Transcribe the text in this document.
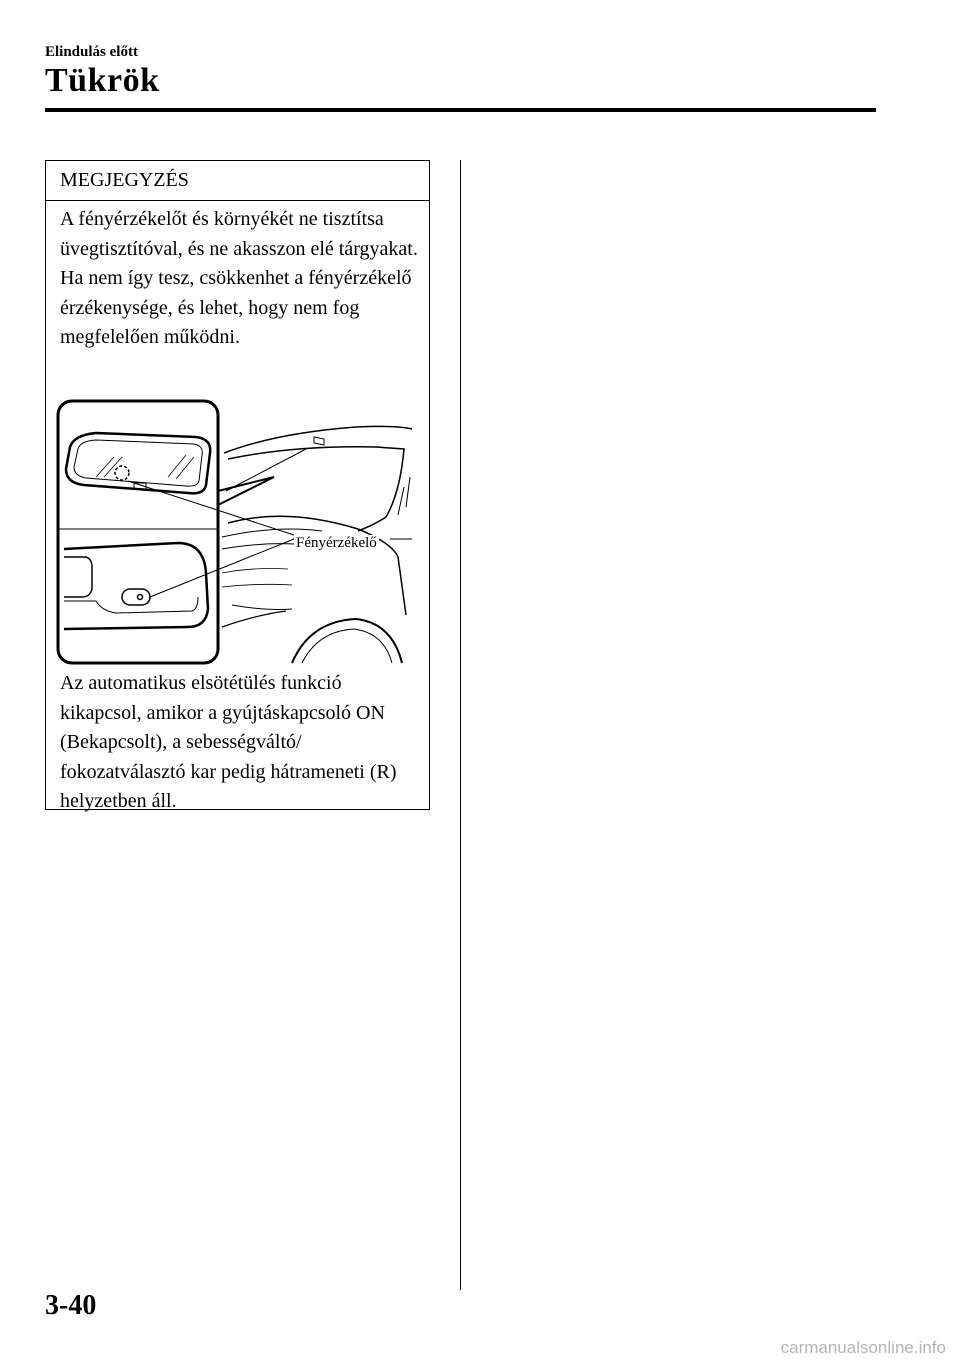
Elindulás előtt
Tükrök
MEGJEGYZÉS

A fényérzékelőt és környékét ne tisztítsa üvegtisztítóval, és ne akasszon elé tárgyakat. Ha nem így tesz, csökkenhet a fényérzékelő érzékenysége, és lehet, hogy nem fog megfelelően működni.

Fényérzékelő

Az automatikus elsötétülés funkció kikapcsol, amikor a gyújtáskapcsoló ON (Bekapcsolt), a sebességváltó/ fokozatválasztó kar pedig hátrameneti (R) helyzetben áll.

3-40
carmanualsonline.info
